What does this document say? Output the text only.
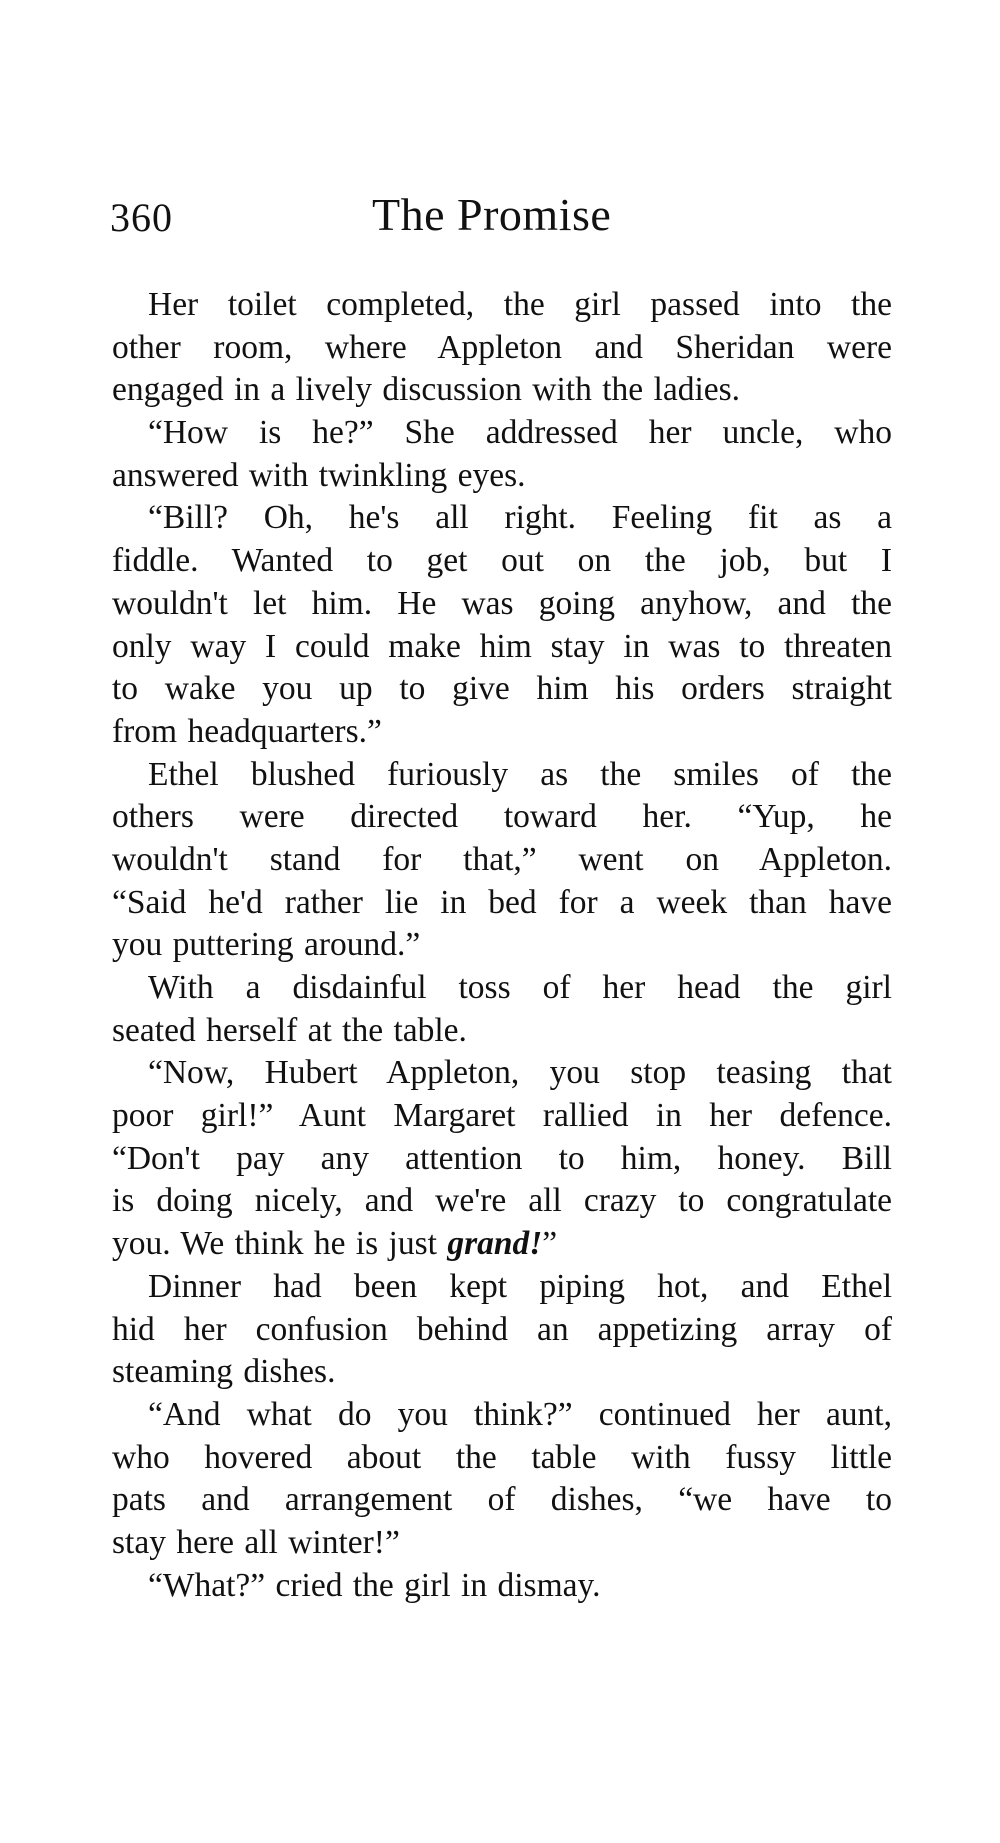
360	The Promise
Her toilet completed, the girl passed into the
other room, where Appleton and Sheridan were
engaged in a lively discussion with the ladies.
“How is he?” She addressed her uncle, who
answered with twinkling eyes.
“Bill? Oh, he's all right. Feeling fit as a
fiddle. Wanted to get out on the job, but I
wouldn't let him. He was going anyhow, and the
only way I could make him stay in was to threaten
to wake you up to give him his orders straight
from headquarters.”
Ethel blushed furiously as the smiles of the
others were directed toward her. “Yup, he
wouldn't stand for that,” went on Appleton.
“Said he'd rather lie in bed for a week than have
you puttering around.”
With a disdainful toss of her head the girl
seated herself at the table.
“Now, Hubert Appleton, you stop teasing that
poor girl!” Aunt Margaret rallied in her defence.
“Don't pay any attention to him, honey. Bill
is doing nicely, and we're all crazy to congratulate
you. We think he is just grand!”
Dinner had been kept piping hot, and Ethel
hid her confusion behind an appetizing array of
steaming dishes.
“And what do you think?” continued her aunt,
who hovered about the table with fussy little
pats and arrangement of dishes, “we have to
stay here all winter!”
“What?” cried the girl in dismay.
